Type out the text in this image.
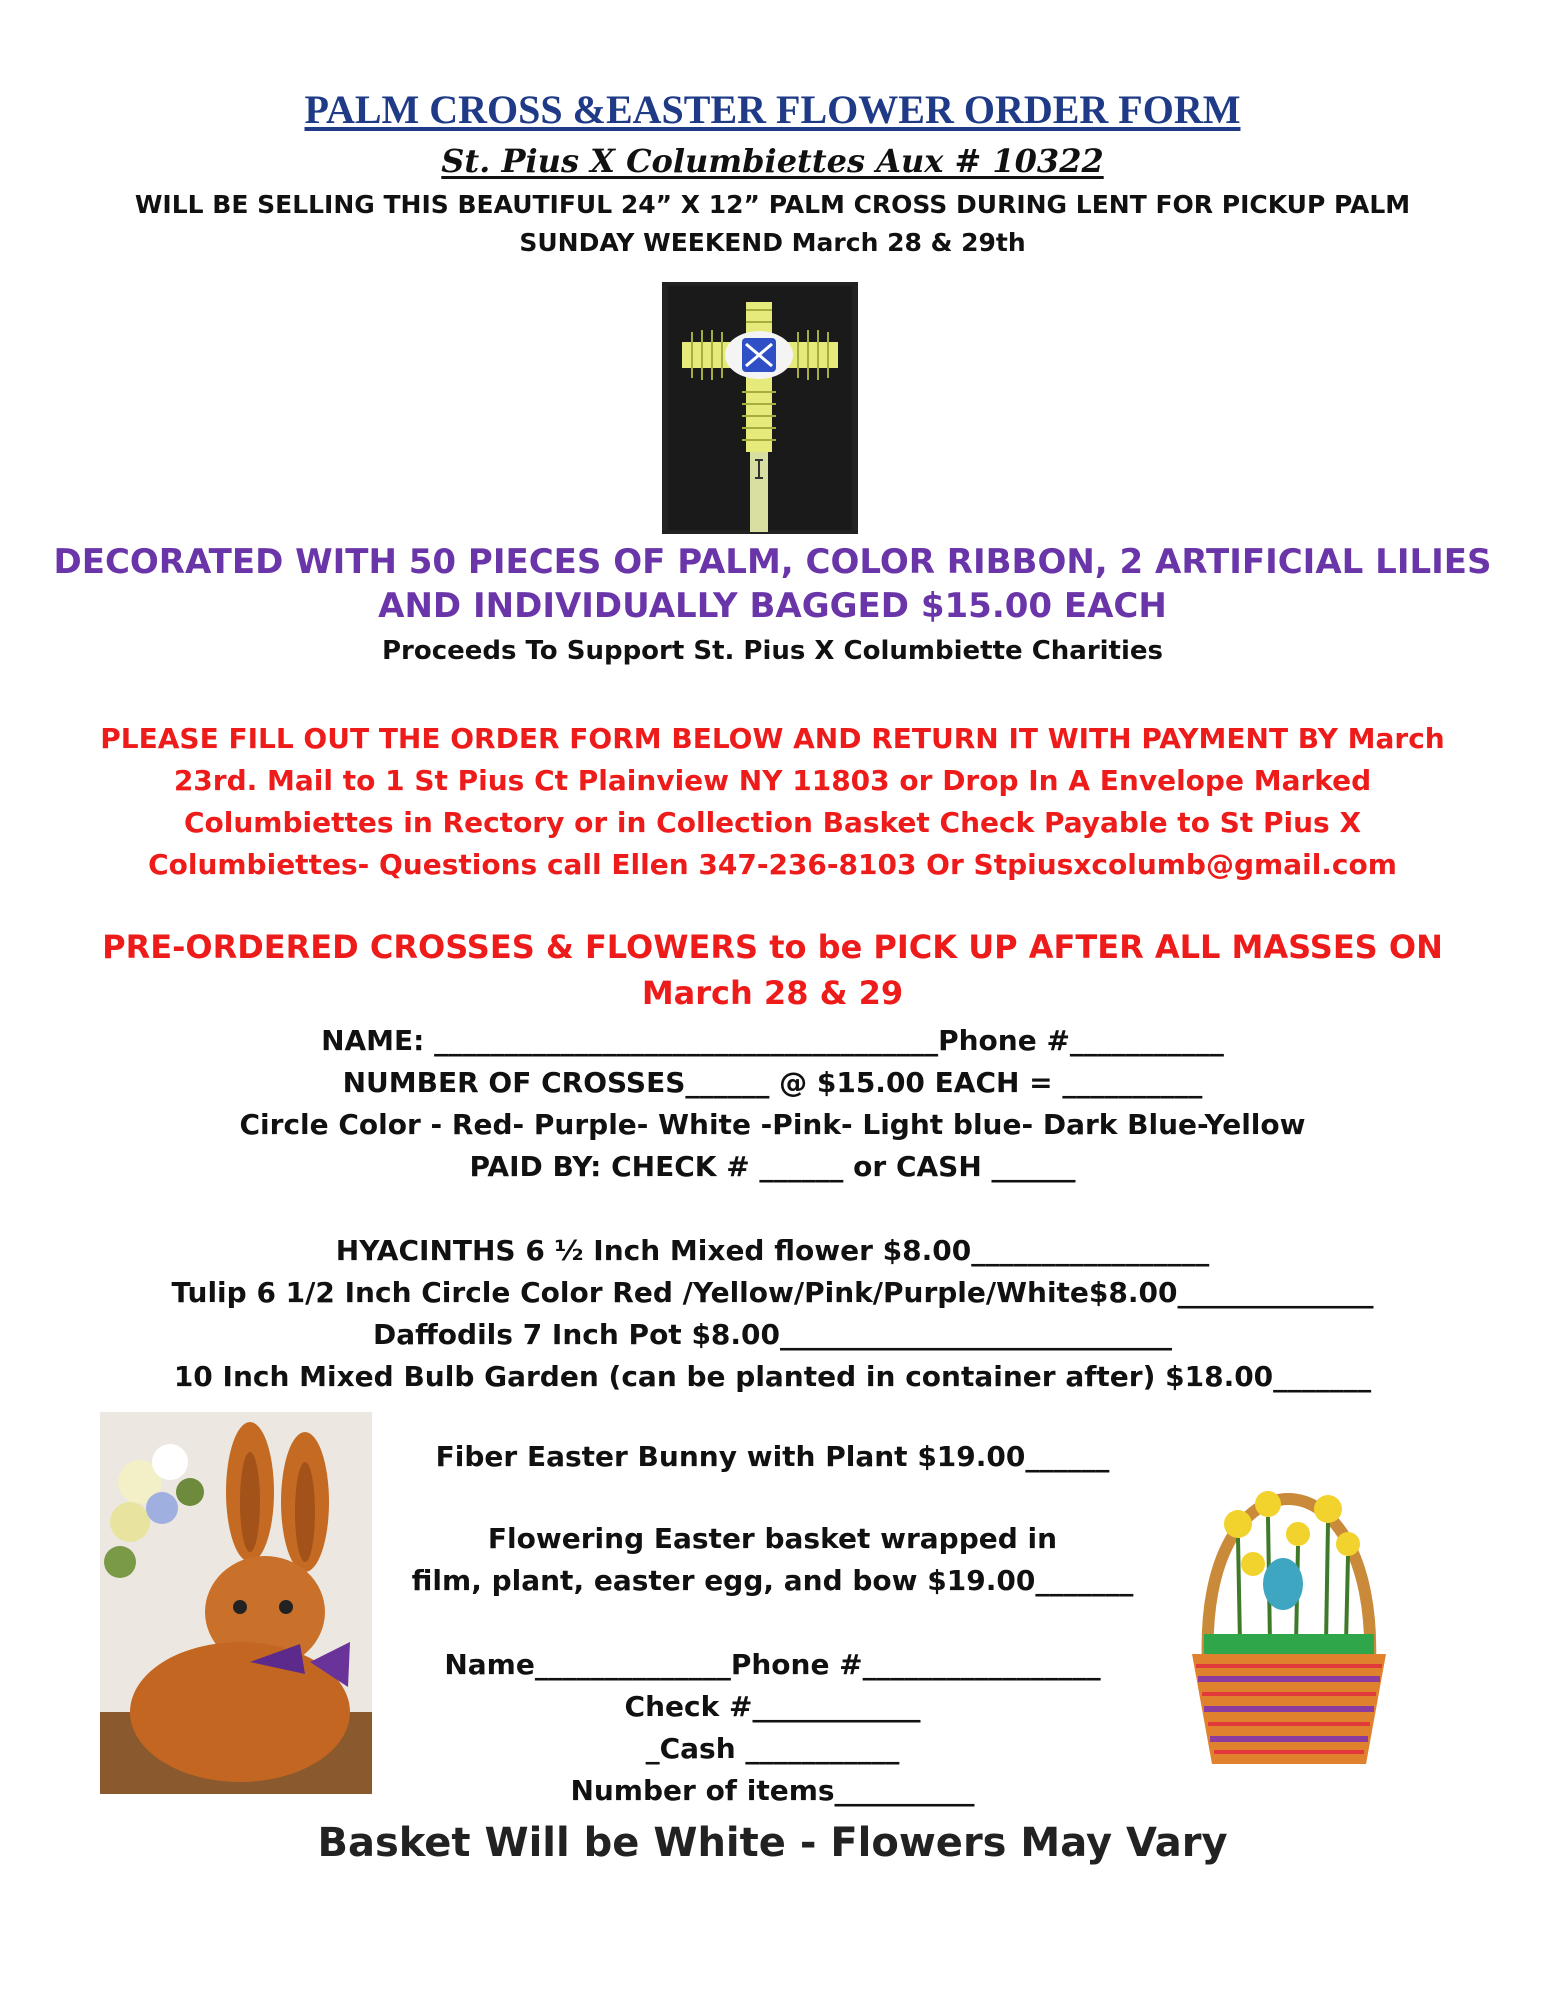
PALM CROSS &EASTER FLOWER ORDER FORM
St. Pius X Columbiettes Aux # 10322
WILL BE SELLING THIS BEAUTIFUL 24” X 12” PALM CROSS DURING LENT FOR PICKUP PALM
SUNDAY WEEKEND March 28 & 29th
DECORATED WITH 50 PIECES OF PALM, COLOR RIBBON, 2 ARTIFICIAL LILIES
AND INDIVIDUALLY BAGGED $15.00 EACH
Proceeds To Support St. Pius X Columbiette Charities
PLEASE FILL OUT THE ORDER FORM BELOW AND RETURN IT WITH PAYMENT BY March
23rd. Mail to 1 St Pius Ct Plainview NY 11803 or Drop In A Envelope Marked
Columbiettes in Rectory or in Collection Basket Check Payable to St Pius X
Columbiettes- Questions call Ellen 347-236-8103 Or Stpiusxcolumb@gmail.com
PRE-ORDERED CROSSES & FLOWERS to be PICK UP AFTER ALL MASSES ON
March 28 & 29
NAME: ____________________________________Phone #___________
NUMBER OF CROSSES______ @ $15.00 EACH = __________
Circle Color - Red- Purple- White -Pink- Light blue- Dark Blue-Yellow
PAID BY: CHECK # ______ or CASH ______
HYACINTHS 6 ½ Inch Mixed flower $8.00_________________
Tulip 6 1/2 Inch Circle Color Red /Yellow/Pink/Purple/White$8.00______________
Daffodils 7 Inch Pot $8.00____________________________
10 Inch Mixed Bulb Garden (can be planted in container after) $18.00_______
Fiber Easter Bunny with Plant $19.00______
Flowering Easter basket wrapped in
film, plant, easter egg, and bow $19.00_______
Name______________Phone #_________________
Check #____________
_Cash ___________
Number of items__________
Basket Will be White - Flowers May Vary
